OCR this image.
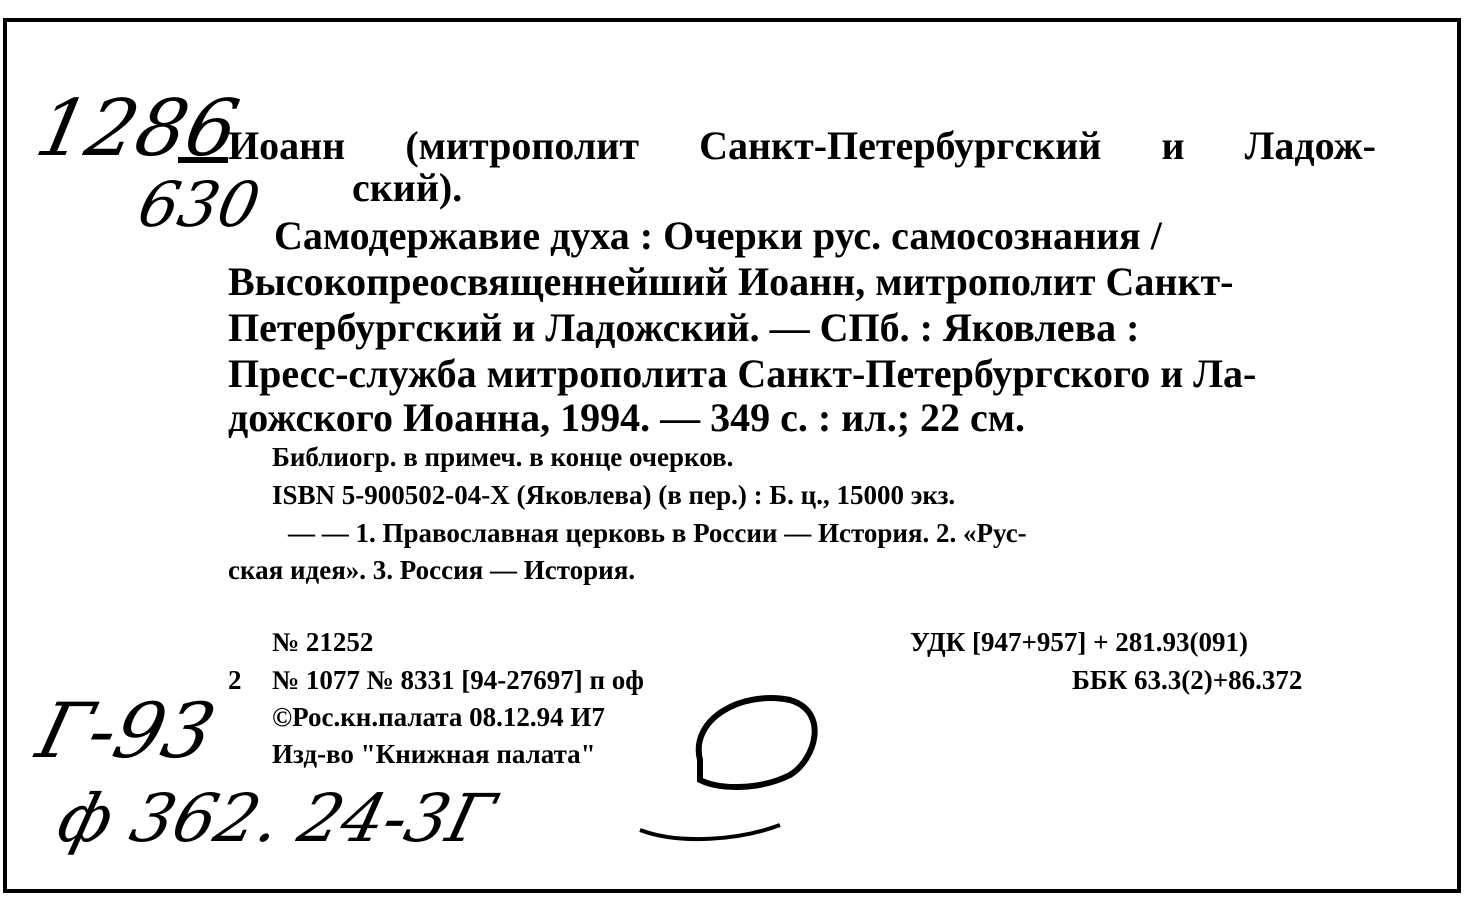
1286
630
Иоанн (митрополит Санкт-Петербургский и Ладож-
ский).
Самодержавие духа : Очерки рус. самосознания /
Высокопреосвященнейший Иоанн, митрополит Санкт-
Петербургский и Ладожский. — СПб. : Яковлева :
Пресс-служба митрополита Санкт-Петербургского и Ла-
дожского Иоанна, 1994. — 349 с. : ил.; 22 см.
Библиогр. в примеч. в конце очерков.
ISBN 5-900502-04-X (Яковлева) (в пер.) : Б. ц., 15000 экз.
— — 1. Православная церковь в России — История. 2. «Рус-
ская идея». 3. Россия — История.
№ 21252
2 № 1077 № 8331 [94-27697] п оф
©Рос.кн.палата 08.12.94 И7
Изд-во "Книжная палата"
УДК [947+957] + 281.93(091)
ББК 63.3(2)+86.372
Г-93
ф 362. 24-3Г
